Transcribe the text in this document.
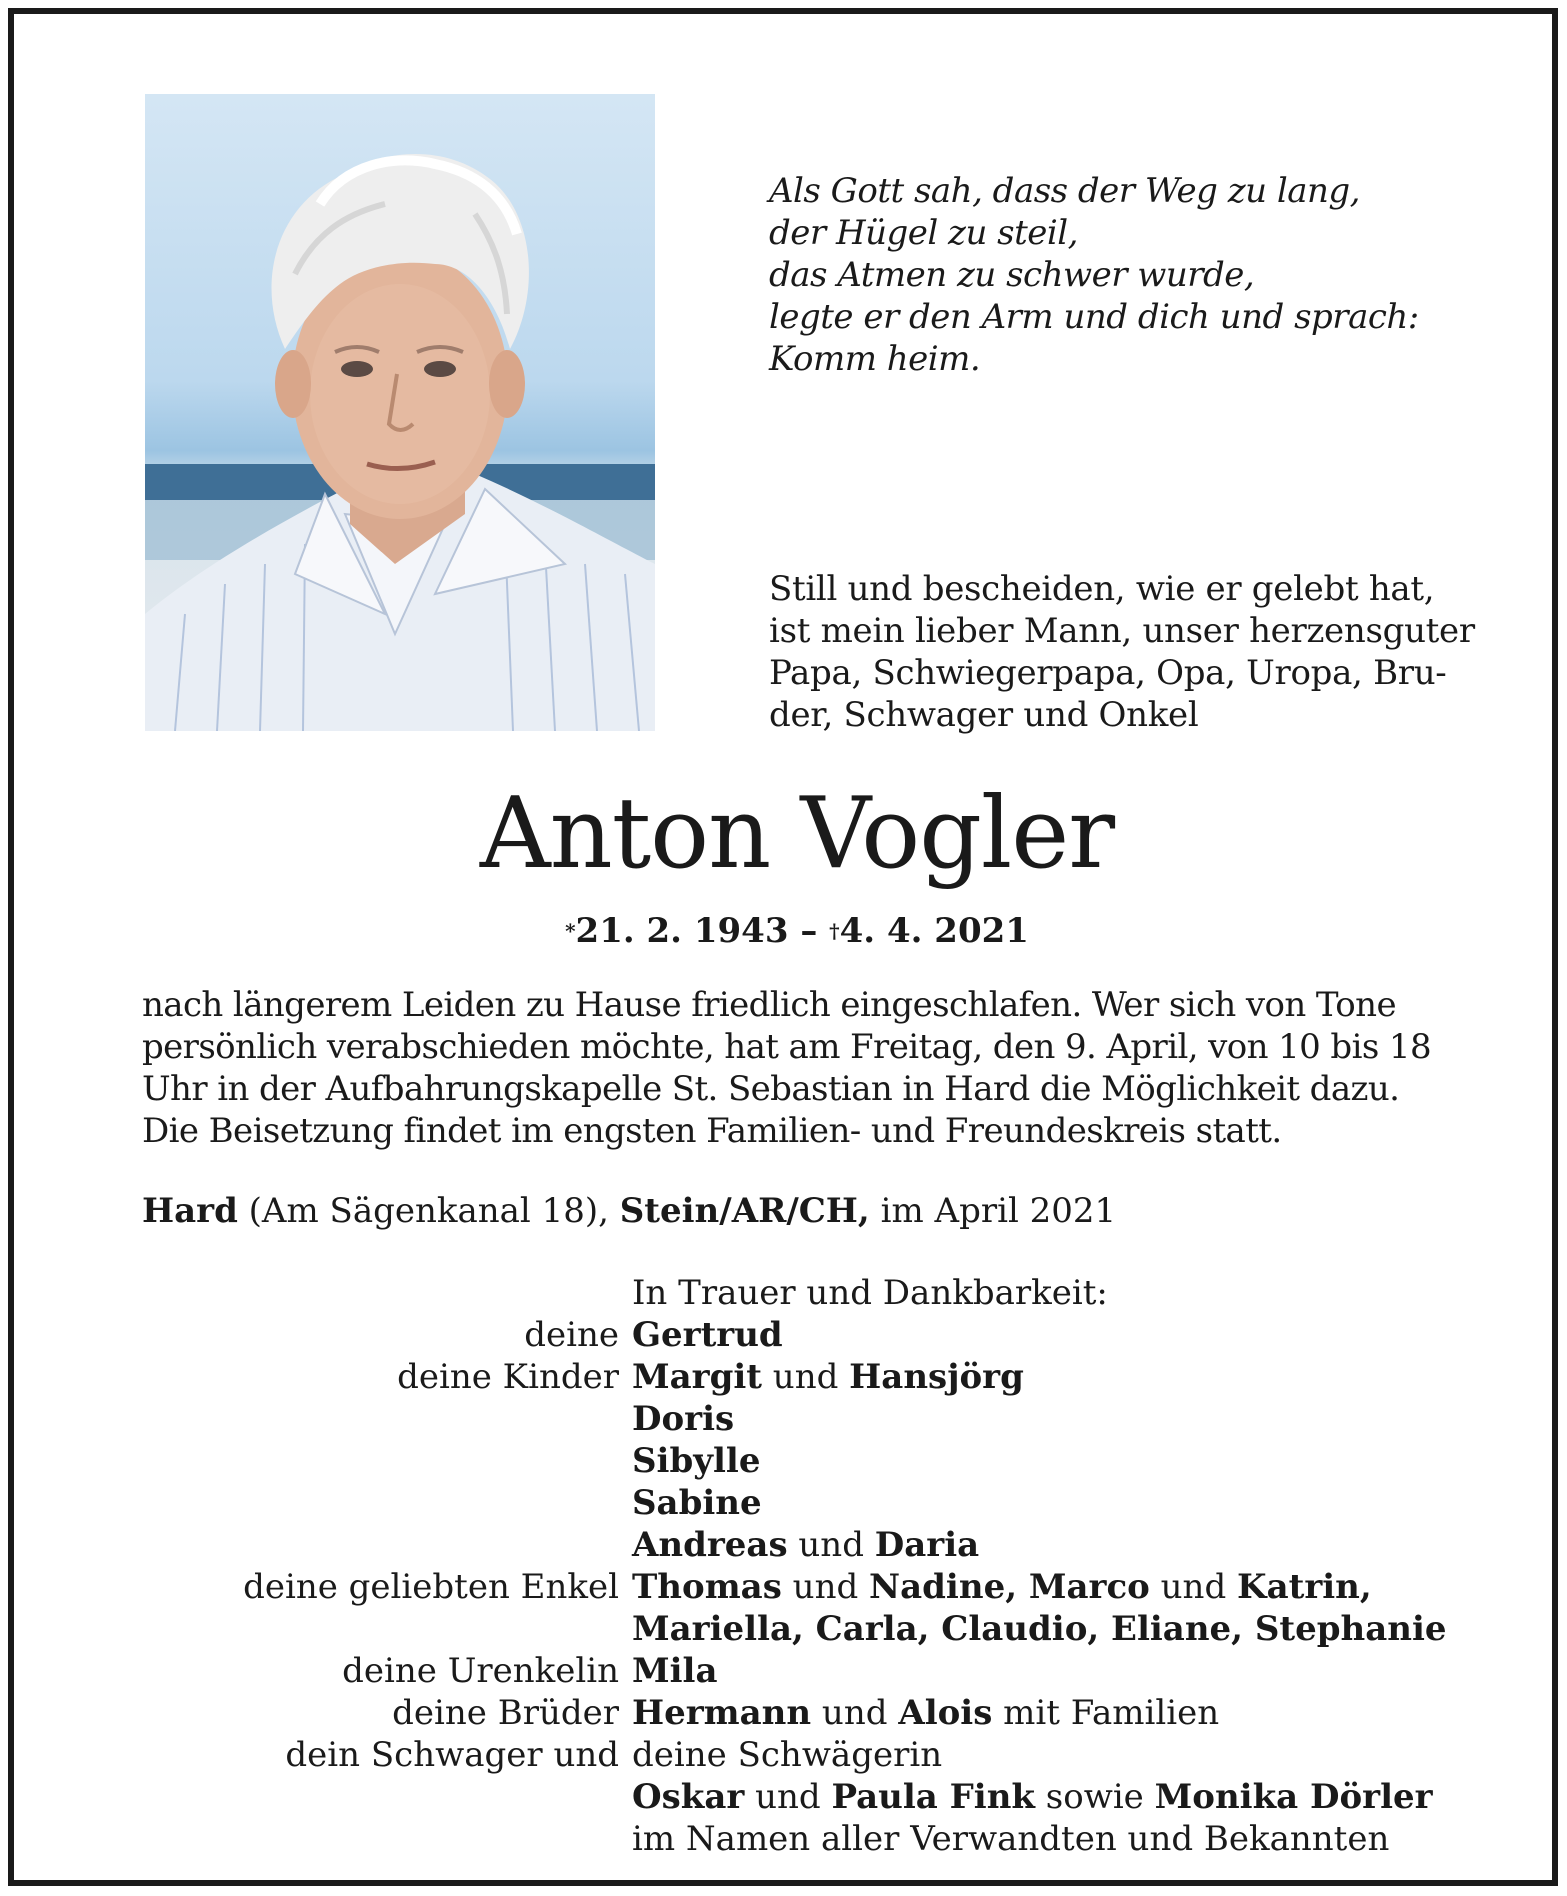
Als Gott sah, dass der Weg zu lang,
der Hügel zu steil,
das Atmen zu schwer wurde,
legte er den Arm und dich und sprach:
Komm heim.
Still und bescheiden, wie er gelebt hat,
ist mein lieber Mann, unser herzensguter
Papa, Schwiegerpapa, Opa, Uropa, Bru-
der, Schwager und Onkel
Anton Vogler
*21. 2. 1943 – †4. 4. 2021
nach längerem Leiden zu Hause friedlich eingeschlafen. Wer sich von Tone
persönlich verabschieden möchte, hat am Freitag, den 9. April, von 10 bis 18
Uhr in der Aufbahrungskapelle St. Sebastian in Hard die Möglichkeit dazu.
Die Beisetzung findet im engsten Familien- und Freundeskreis statt.
Hard (Am Sägenkanal 18), Stein/AR/CH, im April 2021
In Trauer und Dankbarkeit:
deine Gertrud
deine Kinder Margit und Hansjörg
Doris
Sibylle
Sabine
Andreas und Daria
deine geliebten Enkel Thomas und Nadine, Marco und Katrin,
Mariella, Carla, Claudio, Eliane, Stephanie
deine Urenkelin Mila
deine Brüder Hermann und Alois mit Familien
dein Schwager und deine Schwägerin
Oskar und Paula Fink sowie Monika Dörler
im Namen aller Verwandten und Bekannten
